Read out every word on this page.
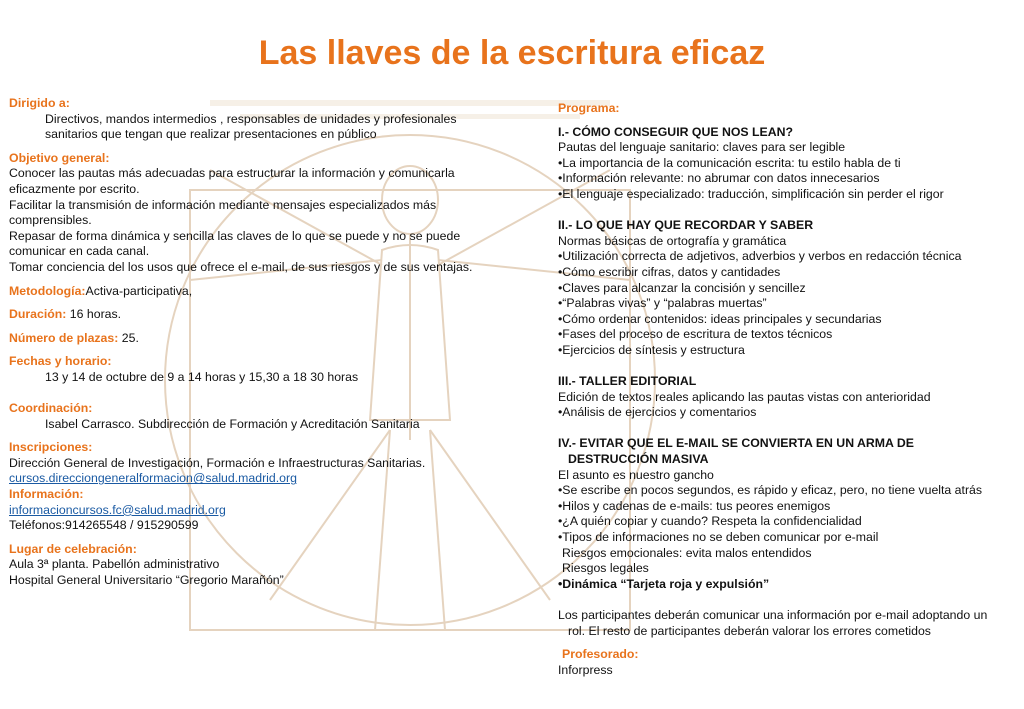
Las llaves de la escritura eficaz
Dirigido a:
Directivos, mandos intermedios , responsables de unidades y profesionales sanitarios que tengan que realizar presentaciones en público
Objetivo general:
Conocer las pautas más adecuadas para estructurar la información y comunicarla eficazmente por escrito.
Facilitar la transmisión de información mediante mensajes especializados más comprensibles.
Repasar de forma dinámica y sencilla las claves de lo que se puede y no se puede comunicar en cada canal.
Tomar conciencia del los usos que ofrece el e-mail, de sus riesgos y de sus ventajas.
Metodología:Activa-participativa,
Duración: 16 horas.
Número de plazas: 25.
Fechas y horario:
13 y 14 de octubre de 9 a 14 horas y 15,30 a 18 30 horas
Coordinación:
Isabel Carrasco. Subdirección de Formación y Acreditación Sanitaria
Inscripciones:
Dirección General de Investigación, Formación e Infraestructuras Sanitarias.
cursos.direcciongeneralformacion@salud.madrid.org
Información:
informacioncursos.fc@salud.madrid.org
Teléfonos:914265548 / 915290599
Lugar de celebración:
Aula 3ª planta. Pabellón administrativo
Hospital General Universitario “Gregorio Marañón”
Programa:
I.- CÓMO CONSEGUIR QUE NOS LEAN?
Pautas del lenguaje sanitario: claves para ser legible
•La importancia de la comunicación escrita: tu estilo habla de ti
•Información relevante: no abrumar con datos innecesarios
•El lenguaje especializado: traducción, simplificación sin perder el rigor
II.- LO QUE HAY QUE RECORDAR Y SABER
Normas básicas de ortografía y gramática
•Utilización correcta de adjetivos, adverbios y verbos en redacción técnica
•Cómo escribir cifras, datos y cantidades
•Claves para alcanzar la concisión y sencillez
•“Palabras vivas” y “palabras muertas”
•Cómo ordenar contenidos: ideas principales y secundarias
•Fases del proceso de escritura de textos técnicos
•Ejercicios de síntesis y estructura
III.- TALLER EDITORIAL
Edición de textos reales aplicando las pautas vistas con anterioridad
•Análisis de ejercicios y comentarios
IV.- EVITAR QUE EL E-MAIL SE CONVIERTA EN UN ARMA DE
DESTRUCCIÓN MASIVA
El asunto es nuestro gancho
•Se escribe en pocos segundos, es rápido y eficaz, pero, no tiene vuelta atrás
•Hilos y cadenas de e-mails: tus peores enemigos
•¿A quién copiar y cuando? Respeta la confidencialidad
•Tipos de informaciones no se deben comunicar por e-mail
Riesgos emocionales: evita malos entendidos
Riesgos legales
•Dinámica “Tarjeta roja y expulsión”
Los participantes deberán comunicar una información por e-mail adoptando un
rol. El resto de participantes deberán valorar los errores cometidos
Profesorado:
Inforpress
